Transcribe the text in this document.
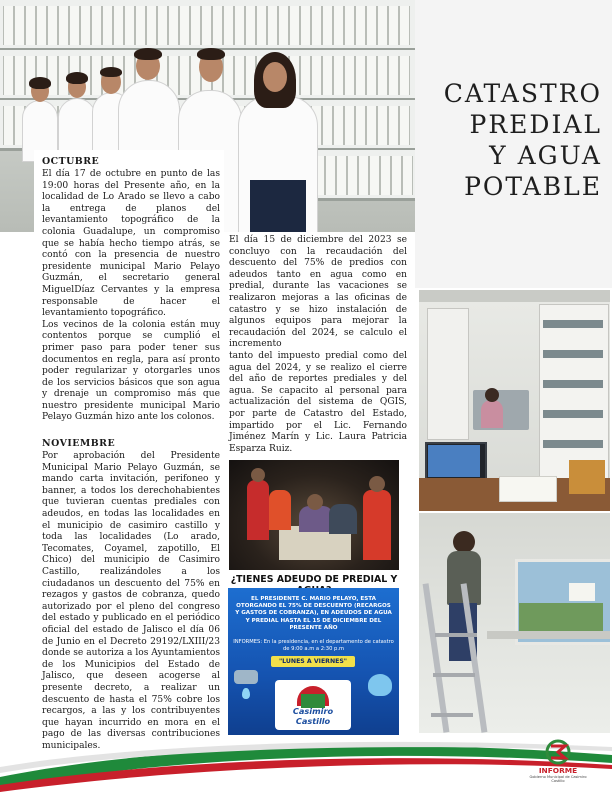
CATASTRO
PREDIAL
Y AGUA
POTABLE
OCTUBRE

El día 17 de octubre en punto de las 19:00 horas del Presente año, en la localidad de Lo Arado se llevo a cabo la entrega de planos del levantamiento topográfico de la colonia Guadalupe, un compromiso que se había hecho tiempo atrás, se contó con la presencia de nuestro presidente municipal Mario Pelayo Guzmán, el secretario general MiguelDíaz Cervantes y la empresa responsable de hacer el levantamiento topográfico.

Los vecinos de la colonia están muy contentos porque se cumplió el primer paso para poder tener sus documentos en regla, para así pronto poder regularizar y otorgarles unos de los servicios básicos que son agua y drenaje un compromiso más que nuestro presidente municipal Mario Pelayo Guzmán hizo ante los colonos.

NOVIEMBRE

Por aprobación del Presidente Municipal Mario Pelayo Guzmán, se mando carta invitación, perifoneo y banner, a todos los derechohabientes que tuvieran cuentas prediales con adeudos, en todas las localidades en el municipio de casimiro castillo y toda las localidades (Lo arado, Tecomates, Coyamel, zapotillo, El Chico) del municipio de Casimiro Castillo, realizándoles a los ciudadanos un descuento del 75% en rezagos y gastos de cobranza, quedo autorizado por el pleno del congreso del estado y publicado en el periódico oficial del estado de Jalisco el día 06 de Junio en el Decreto 29192/LXIII/23 donde se autoriza a los Ayuntamientos de los Municipios del Estado de Jalisco, que deseen acogerse al presente decreto, a realizar un descuento de hasta el 75% cobre los recargos, a las y los contribuyentes que hayan incurrido en mora en el pago de las diversas contribuciones municipales.

El día 15 de diciembre del 2023 se concluyo con la recaudación del descuento del 75% de predios con adeudos tanto en agua como en predial, durante las vacaciones se realizaron mejoras a las oficinas de catastro y se hizo instalación de algunos equipos para mejorar la recaudación del 2024, se calculo el incremento

tanto del impuesto predial como del agua del 2024, y se realizo el cierre del año de reportes prediales y del agua. Se capacito al personal para actualización del sistema de QGIS, por parte de Catastro del Estado, impartido por el Lic. Fernando Jiménez Marín y Lic. Laura Patricia Esparza Ruiz.

¿TIENES ADEUDO DE PREDIAL Y
EL PRESIDENTE C. MARIO PELAYO, ESTA OTORGANDO EL 75% DE DESCUENTO (RECARGOS Y GASTOS DE COBRANZA), EN ADEUDOS DE AGUA Y PREDIAL HASTA EL 15 DE DICIEMBRE DEL PRESENTE AÑO
INFORMES: En la presidencia, en el departamento de catastro de 9:00 a.m a 2:30 p.m
"LUNES A VIERNES"
Casimiro Castillo
INFORME
Gobierno Municipal de Casimiro Castillo
